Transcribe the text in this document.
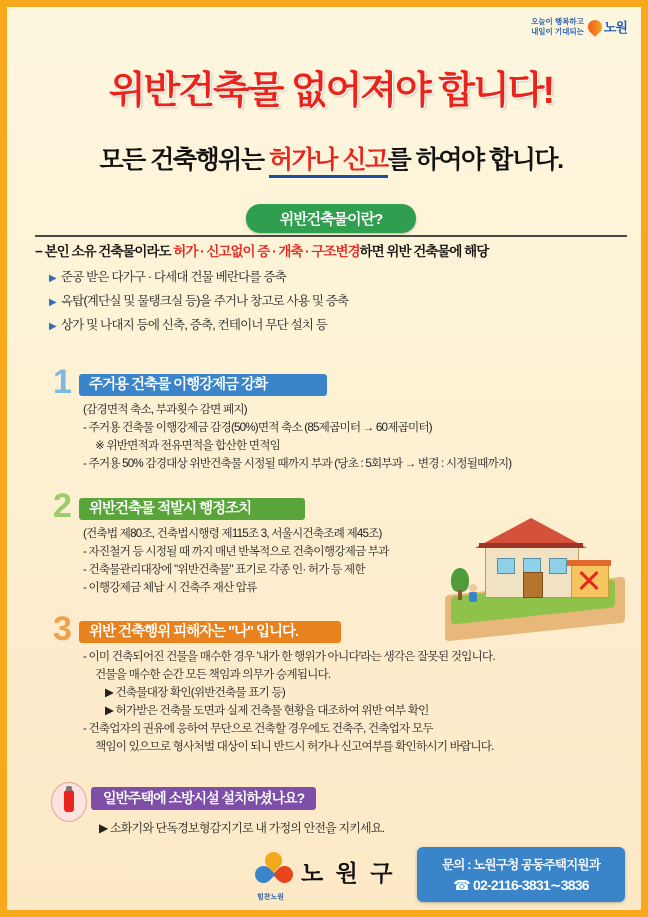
오늘이 행복하고
내일이 기대되는 노원
위반건축물 없어져야 합니다!
모든 건축행위는 허가나 신고를 하여야 합니다.
위반건축물이란?
− 본인 소유 건축물이라도 허가 · 신고없이 증 · 개축 · 구조변경하면 위반 건축물에 해당
▶ 준공 받은 다가구 · 다세대 건물 베란다를 증축
▶ 옥탑(계단실 및 물탱크실 등)을 주거나 창고로 사용 및 증축
▶ 상가 및 나대지 등에 신축, 증축, 컨테이너 무단 설치 등
1	주거용 건축물 이행강제금 강화
(감경면적 축소, 부과횟수 감면 폐지)
- 주거용 건축물 이행강제금 감경(50%)면적 축소 (85제곱미터 → 60제곱미터)
※ 위반면적과 전유면적을 합산한 면적임
- 주거용 50% 감경대상 위반건축물 시정될 때까지 부과 (당초 : 5회부과 → 변경 : 시정될때까지)
2	위반건축물 적발시 행정조치
(건축법 제80조, 건축법시행령 제115조 3, 서울시건축조례 제45조)
- 자진철거 등 시정될 때 까지 매년 반복적으로 건축이행강제금 부과
- 건축물관리대장에 "위반건축물" 표기로 각종 인· 허가 등 제한
- 이행강제금 체납 시 건축주 재산 압류
3	위반 건축행위 피해자는 "나" 입니다.
- 이미 건축되어진 건물을 매수한 경우 '내가 한 행위가 아니다'라는 생각은 잘못된 것입니다.
건물을 매수한 순간 모든 책임과 의무가 승계됩니다.
▶ 건축물대장 확인(위반건축물 표기 등)
▶ 허가받은 건축물 도면과 실제 건축물 현황을 대조하여 위반 여부 확인
- 건축업자의 권유에 응하여 무단으로 건축할 경우에도 건축주, 건축업자 모두
책임이 있으므로 형사처벌 대상이 되니 반드시 허가나 신고여부를 확인하시기 바랍니다.
일반주택에 소방시설 설치하셨나요?
▶ 소화기와 단독경보형감지기로 내 가정의 안전을 지키세요.
힘찬노원
노 원 구	문의 : 노원구청 공동주택지원과
☎ 02-2116-3831∼3836
